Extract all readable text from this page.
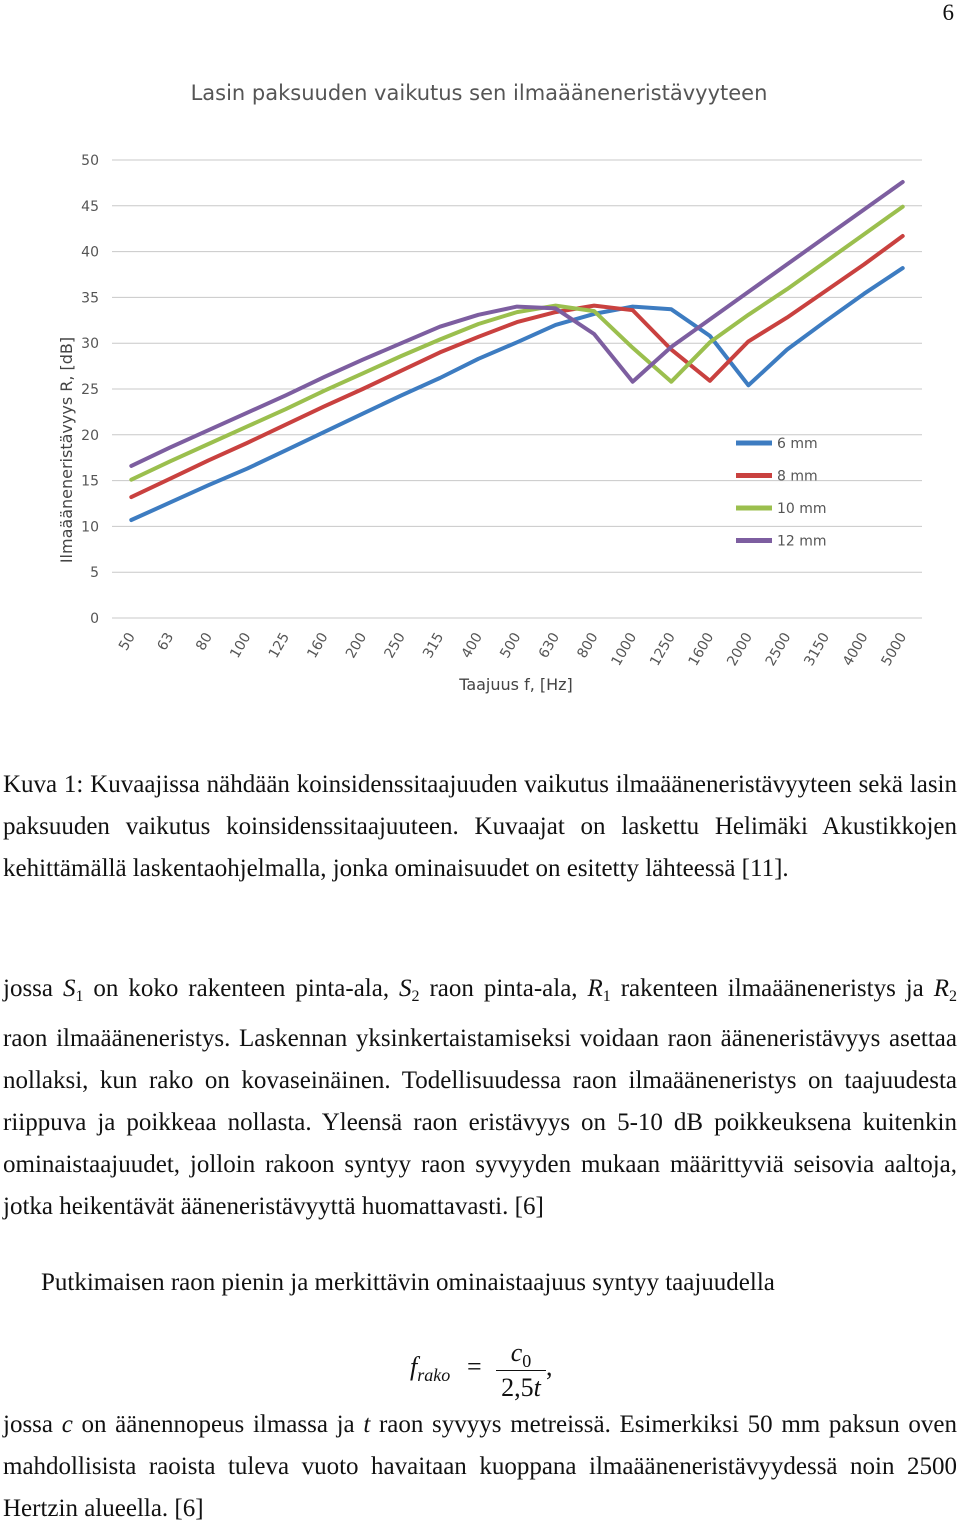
6
Lasin paksuuden vaikutus sen ilmaääneneristävyyteen
0
5
10
15
20
25
30
35
40
45
50
50 63 80 100 125 160 200 250 315 400 500 630 800 1000 1250 1600 2000 2500 3150 4000 5000
6 mm
8 mm
10 mm
12 mm
Ilmaääneneristävyys R, [dB]
Taajuus f, [Hz]

Kuva 1: Kuvaajissa nähdään koinsidenssitaajuuden vaikutus ilmaääneneristävyyteen sekä lasin paksuuden vaikutus koinsidenssitaajuuteen. Kuvaajat on laskettu Helimäki Akustikkojen kehittämällä laskentaohjelmalla, jonka ominaisuudet on esitetty lähteessä [11].

jossa $S_1$ on koko rakenteen pinta-ala, $S_2$ raon pinta-ala, $R_1$ rakenteen ilmaääneneristys ja $R_2$ raon ilmaääneneristys. Laskennan yksinkertaistamiseksi voidaan raon ääneneristävyys asettaa nollaksi, kun rako on kovaseinäinen. Todellisuudessa raon ilmaääneneristys on taajuudesta riippuva ja poikkeaa nollasta. Yleensä raon eristävyys on 5-10 dB poikkeuksena kuitenkin ominaistaajuudet, jolloin rakoon syntyy raon syvyyden mukaan määrittyviä seisovia aaltoja, jotka heikentävät ääneneristävyyttä huomattavasti. [6]

Putkimaisen raon pienin ja merkittävin ominaistaajuus syntyy taajuudella

$f_{rako}$ =	$c_0$
2,5t
,

jossa c on äänennopeus ilmassa ja t raon syvyys metreissä. Esimerkiksi 50 mm paksun oven mahdollisista raoista tuleva vuoto havaitaan kuoppana ilmaääneneristävyydessä noin 2500 Hertzin alueella. [6]
